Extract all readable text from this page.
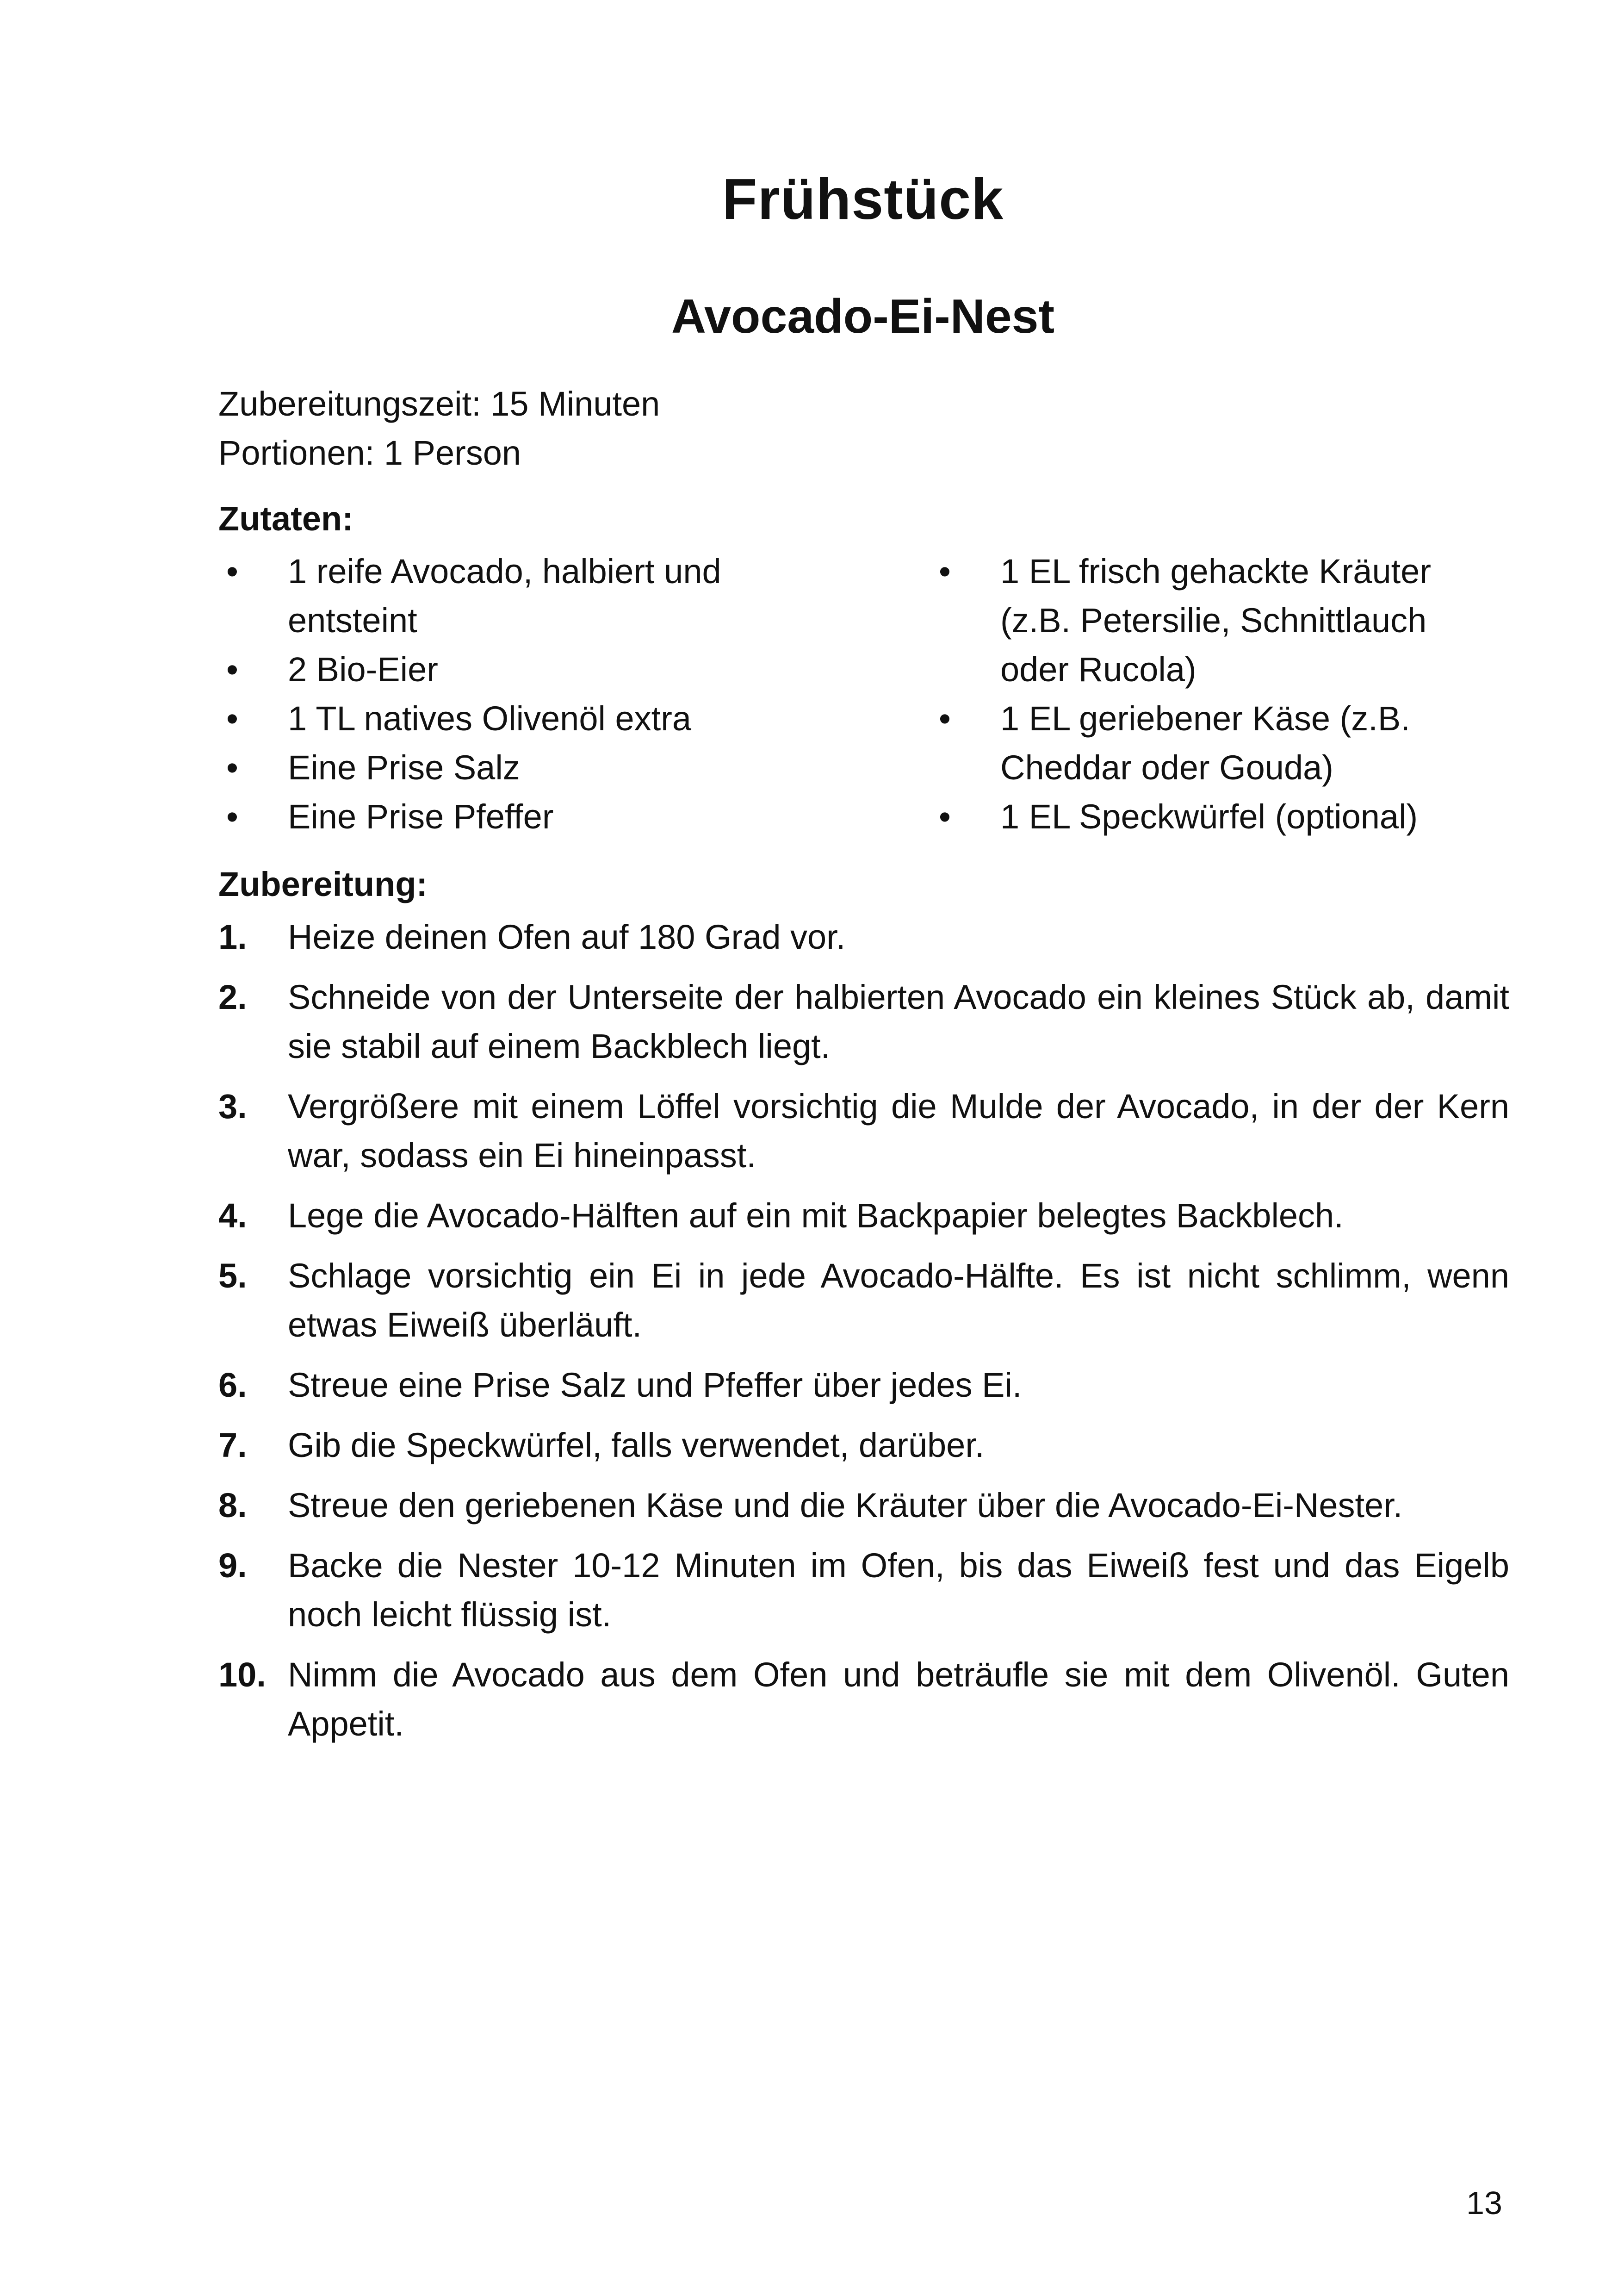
Frühstück
Avocado-Ei-Nest
Zubereitungszeit: 15 Minuten
Portionen: 1 Person
Zutaten:
• 1 reife Avocado, halbiert und entsteint
• 2 Bio-Eier
• 1 TL natives Olivenöl extra
• Eine Prise Salz
• Eine Prise Pfeffer
• 1 EL frisch gehackte Kräuter (z.B. Petersilie, Schnittlauch oder Rucola)
• 1 EL geriebener Käse (z.B. Cheddar oder Gouda)
• 1 EL Speckwürfel (optional)
Zubereitung:
1. Heize deinen Ofen auf 180 Grad vor.
2. Schneide von der Unterseite der halbierten Avocado ein kleines Stück ab, damit sie stabil auf einem Backblech liegt.
3. Vergrößere mit einem Löffel vorsichtig die Mulde der Avocado, in der der Kern war, sodass ein Ei hineinpasst.
4. Lege die Avocado-Hälften auf ein mit Backpapier belegtes Backblech.
5. Schlage vorsichtig ein Ei in jede Avocado-Hälfte. Es ist nicht schlimm, wenn etwas Eiweiß überläuft.
6. Streue eine Prise Salz und Pfeffer über jedes Ei.
7. Gib die Speckwürfel, falls verwendet, darüber.
8. Streue den geriebenen Käse und die Kräuter über die Avocado-Ei-Nester.
9. Backe die Nester 10-12 Minuten im Ofen, bis das Eiweiß fest und das Eigelb noch leicht flüssig ist.
10. Nimm die Avocado aus dem Ofen und beträufle sie mit dem Olivenöl. Guten Appetit.
13
